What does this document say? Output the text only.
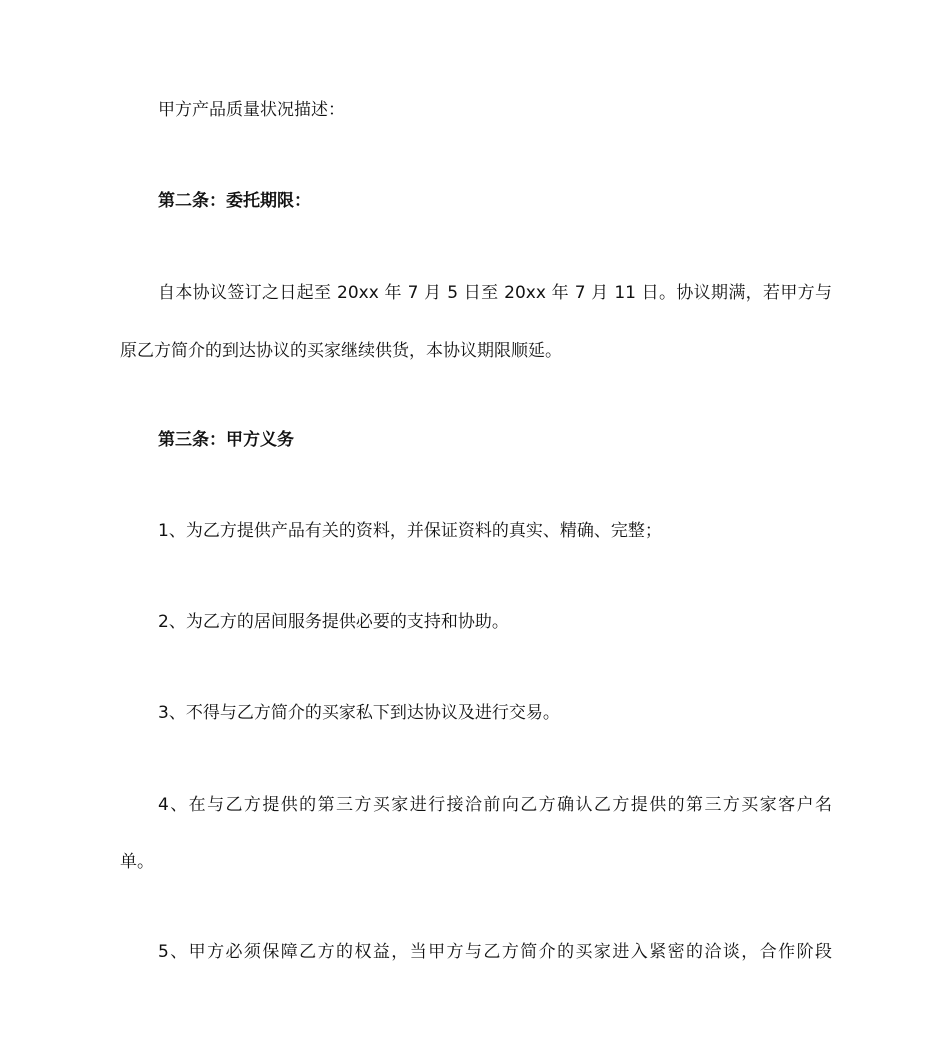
甲方产品质量状况描述：
第二条：委托期限：
自本协议签订之日起至 20xx 年 7 月 5 日至 20xx 年 7 月 11 日。协议期满，若甲方与
原乙方简介的到达协议的买家继续供货，本协议期限顺延。
第三条：甲方义务
1、为乙方提供产品有关的资料，并保证资料的真实、精确、完整；
2、为乙方的居间服务提供必要的支持和协助。
3、不得与乙方简介的买家私下到达协议及进行交易。
4、在与乙方提供的第三方买家进行接洽前向乙方确认乙方提供的第三方买家客户名
单。
5、甲方必须保障乙方的权益，当甲方与乙方简介的买家进入紧密的洽谈，合作阶段
